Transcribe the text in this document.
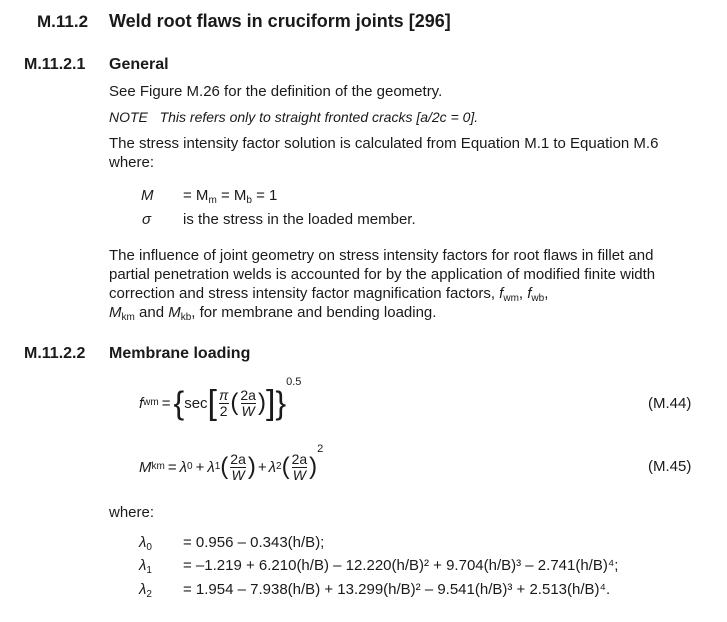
M.11.2 Weld root flaws in cruciform joints [296]
M.11.2.1 General
See Figure M.26 for the definition of the geometry.
NOTE This refers only to straight fronted cracks [a/2c = 0].
The stress intensity factor solution is calculated from Equation M.1 to Equation M.6 where:
$M = M_m = M_b = 1$
σ is the stress in the loaded member.
The influence of joint geometry on stress intensity factors for root flaws in fillet and partial penetration welds is accounted for by the application of modified finite width correction and stress intensity factor magnification factors, $f_{wm}$, $f_{wb}$,
$M_{km}$ and $M_{kb}$, for membrane and bending loading.
M.11.2.2 Membrane loading
f wm = { sec [ $\frac{\pi}{2}$ ( $\frac{2a}{W}$ ) ] }
0.5
(M.44)
M km = λ 0 + λ 1 ( $\frac{2a}{W}$ ) + λ 2 ( $\frac{2a}{W}$ )
2
(M.45)
where:
$\lambda_0 = 0.956 - 0.343(h/B)$;
$\lambda_1 = -1.219 + 6.210(h/B) - 12.220(h/B)^2 + 9.704(h/B)^3 - 2.741(h/B)^4$;
$\lambda_2 = 1.954 - 7.938(h/B) + 13.299(h/B)^2 - 9.541(h/B)^3 + 2.513(h/B)^4$.
